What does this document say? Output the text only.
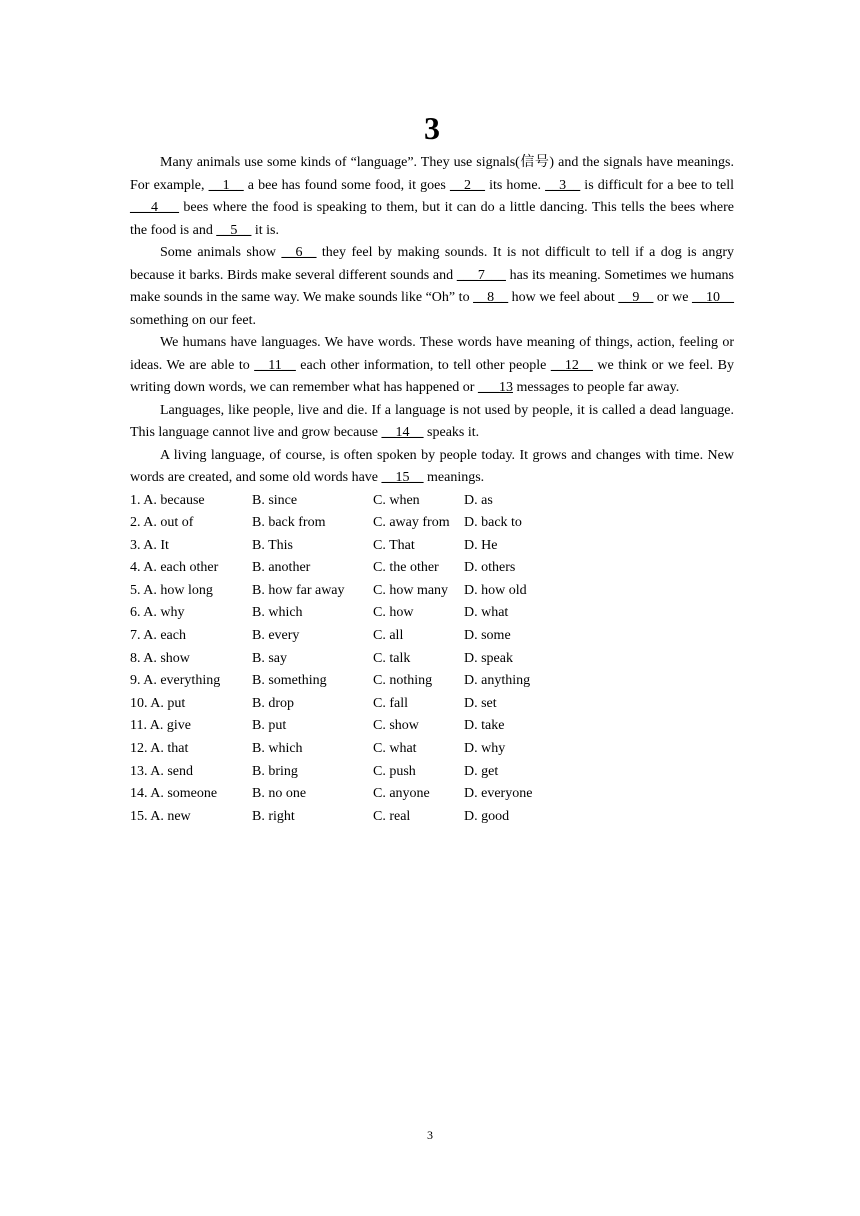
3

Many animals use some kinds of “language”. They use signals(信号) and the signals have meanings. For example, __1__ a bee has found some food, it goes __2__ its home. __3__ is difficult for a bee to tell ___4___ bees where the food is speaking to them, but it can do a little dancing. This tells the bees where the food is and __5__ it is.

Some animals show __6__ they feel by making sounds. It is not difficult to tell if a dog is angry because it barks. Birds make several different sounds and ___7___ has its meaning. Sometimes we humans make sounds in the same way. We make sounds like “Oh” to __8__ how we feel about __9__ or we __10__ something on our feet.

We humans have languages. We have words. These words have meaning of things, action, feeling or ideas. We are able to __11__ each other information, to tell other people __12__ we think or we feel. By writing down words, we can remember what has happened or ___13 messages to people far away.

Languages, like people, live and die. If a language is not used by people, it is called a dead language. This language cannot live and grow because __14__ speaks it.

A living language, of course, is often spoken by people today. It grows and changes with time. New words are created, and some old words have __15__ meanings.

1. A. because	B. since	C. when	D. as
2. A. out of	B. back from	C. away from	D. back to
3. A. It	B. This	C. That	D. He
4. A. each other	B. another	C. the other	D. others
5. A. how long	B. how far away	C. how many	D. how old
6. A. why	B. which	C. how	D. what
7. A. each	B. every	C. all	D. some
8. A. show	B. say	C. talk	D. speak
9. A. everything	B. something	C. nothing	D. anything
10. A. put	B. drop	C. fall	D. set
11. A. give	B. put	C. show	D. take
12. A. that	B. which	C. what	D. why
13. A. send	B. bring	C. push	D. get
14. A. someone	B. no one	C. anyone	D. everyone
15. A. new	B. right	C. real	D. good
3
